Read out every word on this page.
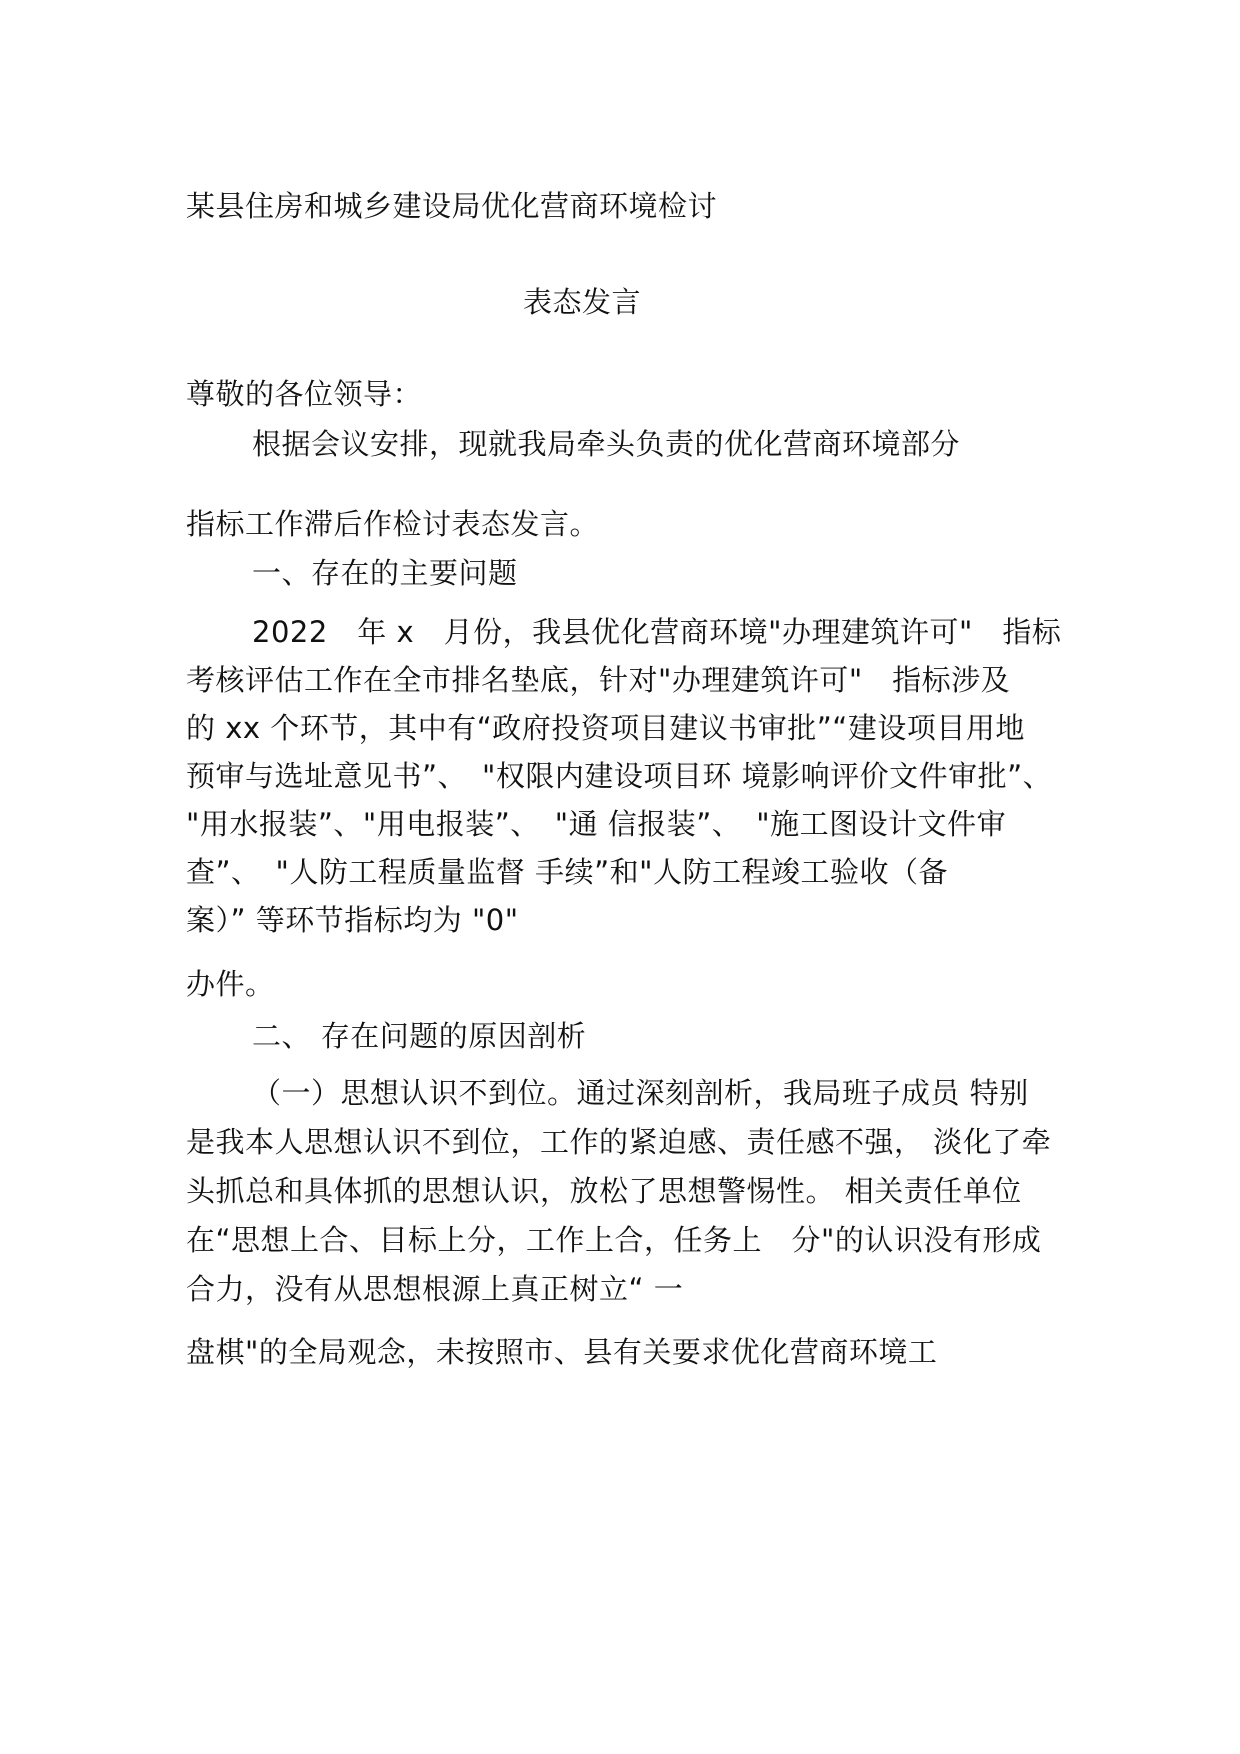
某县住房和城乡建设局优化营商环境检讨
表态发言
尊敬的各位领导：
根据会议安排，现就我局牵头负责的优化营商环境部分
指标工作滞后作检讨表态发言。
一、存在的主要问题
2022　年 x　月份，我县优化营商环境"办理建筑许可"　指标
考核评估工作在全市排名垫底，针对"办理建筑许可"　指标涉及
的 xx 个环节，其中有“政府投资项目建议书审批”“建设项目用地
预审与选址意见书”、　"权限内建设项目环 境影响评价文件审批”、
"用水报装”、"用电报装”、　"通 信报装”、　"施工图设计文件审
查”、　"人防工程质量监督 手续”和"人防工程竣工验收（备
案）” 等环节指标均为 "0"
办件。
二、 存在问题的原因剖析
（一）思想认识不到位。通过深刻剖析，我局班子成员 特别
是我本人思想认识不到位，工作的紧迫感、责任感不强， 淡化了牵
头抓总和具体抓的思想认识，放松了思想警惕性。 相关责任单位
在“思想上合、目标上分，工作上合，任务上　分"的认识没有形成
合力，没有从思想根源上真正树立“ 一
盘棋"的全局观念，未按照市、县有关要求优化营商环境工
